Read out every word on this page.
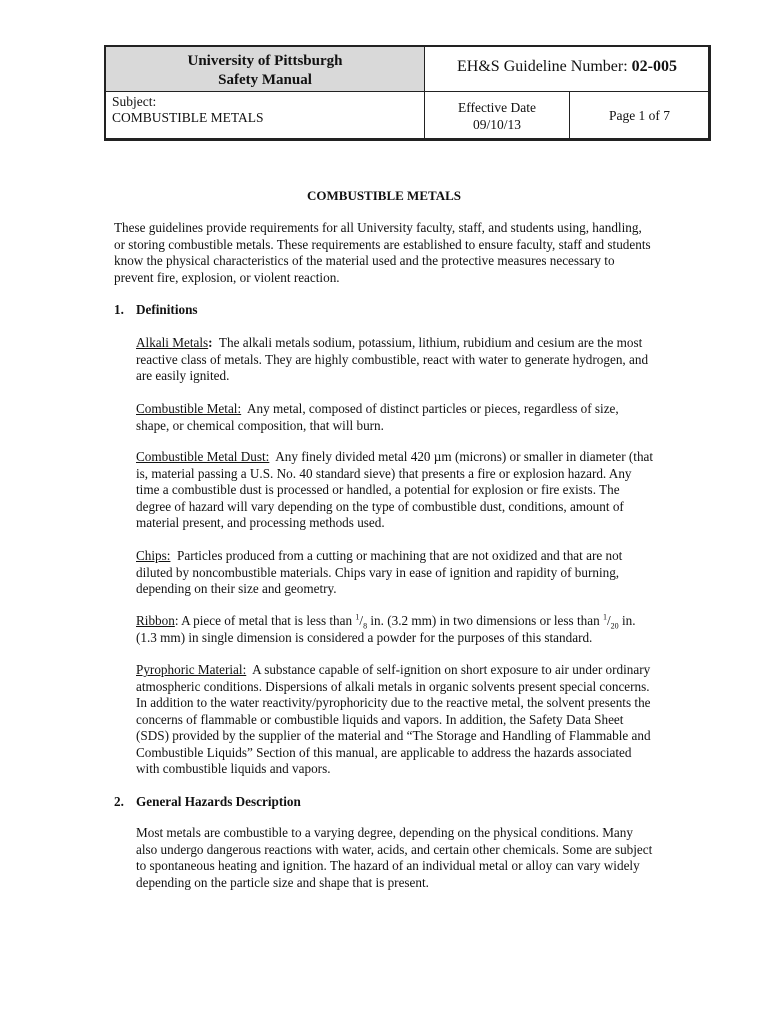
University of Pittsburgh
Safety Manual
EH&S Guideline Number: 02-005
Subject:
COMBUSTIBLE METALS
Effective Date
09/10/13
Page 1 of 7
COMBUSTIBLE METALS

These guidelines provide requirements for all University faculty, staff, and students using, handling, or storing combustible metals. These requirements are established to ensure faculty, staff and students know the physical characteristics of the material used and the protective measures necessary to prevent fire, explosion, or violent reaction.

1. Definitions

Alkali Metals: The alkali metals sodium, potassium, lithium, rubidium and cesium are the most reactive class of metals. They are highly combustible, react with water to generate hydrogen, and are easily ignited.

Combustible Metal: Any metal, composed of distinct particles or pieces, regardless of size, shape, or chemical composition, that will burn.

Combustible Metal Dust: Any finely divided metal 420 µm (microns) or smaller in diameter (that is, material passing a U.S. No. 40 standard sieve) that presents a fire or explosion hazard. Any time a combustible dust is processed or handled, a potential for explosion or fire exists. The degree of hazard will vary depending on the type of combustible dust, conditions, amount of material present, and processing methods used.

Chips: Particles produced from a cutting or machining that are not oxidized and that are not diluted by noncombustible materials. Chips vary in ease of ignition and rapidity of burning, depending on their size and geometry.

Ribbon: A piece of metal that is less than $^1/_8$ in. (3.2 mm) in two dimensions or less than $^1/_{20}$ in. (1.3 mm) in single dimension is considered a powder for the purposes of this standard.

Pyrophoric Material: A substance capable of self-ignition on short exposure to air under ordinary atmospheric conditions. Dispersions of alkali metals in organic solvents present special concerns. In addition to the water reactivity/pyrophoricity due to the reactive metal, the solvent presents the concerns of flammable or combustible liquids and vapors. In addition, the Safety Data Sheet (SDS) provided by the supplier of the material and “The Storage and Handling of Flammable and Combustible Liquids” Section of this manual, are applicable to address the hazards associated with combustible liquids and vapors.

2. General Hazards Description

Most metals are combustible to a varying degree, depending on the physical conditions. Many also undergo dangerous reactions with water, acids, and certain other chemicals. Some are subject to spontaneous heating and ignition. The hazard of an individual metal or alloy can vary widely depending on the particle size and shape that is present.
